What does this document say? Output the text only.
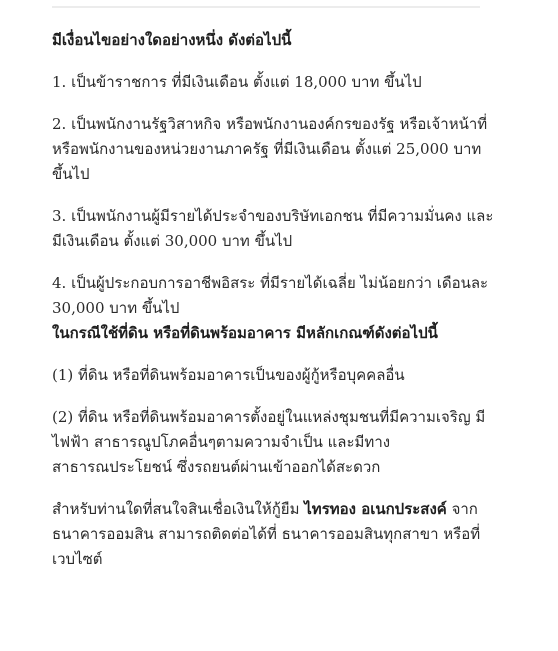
มีเงื่อนไขอย่างใดอย่างหนึ่ง ดังต่อไปนี้

1. เป็นข้าราชการ ที่มีเงินเดือน ตั้งแต่ 18,000 บาท ขึ้นไป

2. เป็นพนักงานรัฐวิสาหกิจ หรือพนักงานองค์กรของรัฐ หรือเจ้าหน้าที่ หรือพนักงานของหน่วยงานภาครัฐ ที่มีเงินเดือน ตั้งแต่ 25,000 บาท ขึ้นไป

3. เป็นพนักงานผู้มีรายได้ประจำของบริษัทเอกชน ที่มีความมั่นคง และมีเงินเดือน ตั้งแต่ 30,000 บาท ขึ้นไป

4. เป็นผู้ประกอบการอาชีพอิสระ ที่มีรายได้เฉลี่ย ไม่น้อยกว่า เดือนละ 30,000 บาท ขึ้นไป

ในกรณีใช้ที่ดิน หรือที่ดินพร้อมอาคาร มีหลักเกณฑ์ดังต่อไปนี้

(1) ที่ดิน หรือที่ดินพร้อมอาคารเป็นของผู้กู้หรือบุคคลอื่น

(2) ที่ดิน หรือที่ดินพร้อมอาคารตั้งอยู่ในแหล่งชุมชนที่มีความเจริญ มีไฟฟ้า สาธารณูปโภคอื่นๆตามความจำเป็น และมีทางสาธารณประโยชน์ ซึ่งรถยนต์ผ่านเข้าออกได้สะดวก

สำหรับท่านใดที่สนใจสินเชื่อเงินให้กู้ยืม ไทรทอง อเนกประสงค์ จากธนาคารออมสิน สามารถติดต่อได้ที่ ธนาคารออมสินทุกสาขา หรือที่เวบไซต์
